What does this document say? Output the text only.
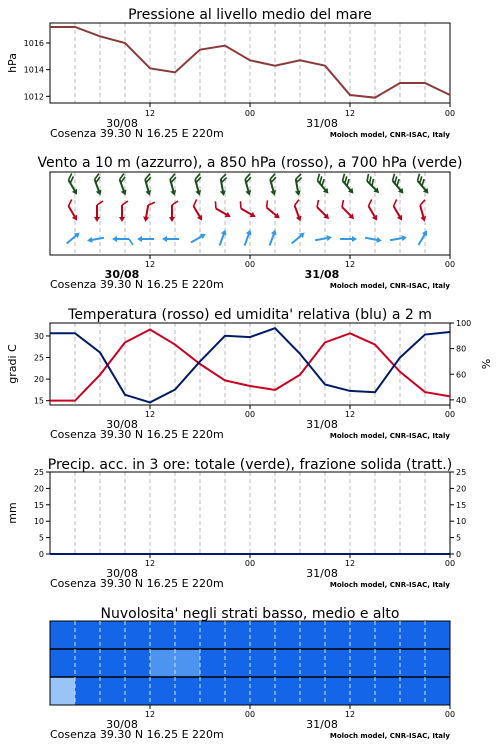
Pressione al livello medio del mare
12	00	12	00
30/08	31/08
Cosenza 39.30 N 16.25 E 220m	Moloch model, CNR-ISAC, Italy
1012
1014
1016
hPa
Vento a 10 m (azzurro), a 850 hPa (rosso), a 700 hPa (verde)
12	00	12	00
30/08	31/08
Cosenza 39.30 N 16.25 E 220m	Moloch model, CNR-ISAC, Italy
Temperatura (rosso) ed umidita' relativa (blu) a 2 m
12	00	12	00
30/08	31/08
Cosenza 39.30 N 16.25 E 220m	Moloch model, CNR-ISAC, Italy
15
20
25
30
40
60
80
100
gradi C	%
Precip. acc. in 3 ore: totale (verde), frazione solida (tratt.)
12	00	12	00
30/08	31/08
Cosenza 39.30 N 16.25 E 220m	Moloch model, CNR-ISAC, Italy
0	0
5	5
10	10
15	15
20	20
25	25
mm
Nuvolosita' negli strati basso, medio e alto
12	00	12	00
30/08	31/08
Cosenza 39.30 N 16.25 E 220m	Moloch model, CNR-ISAC, Italy
